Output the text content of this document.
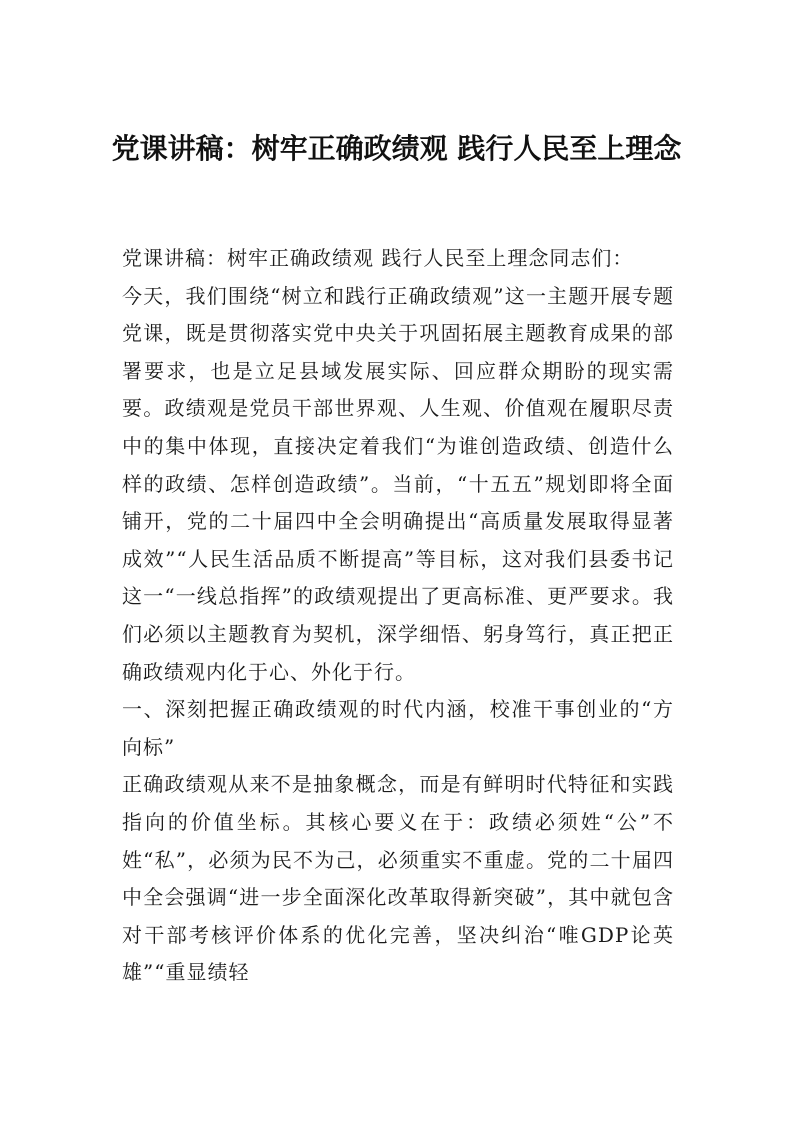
党课讲稿：树牢正确政绩观 践行人民至上理念

党课讲稿：树牢正确政绩观 践行人民至上理念同志们：

今天，我们围绕“树立和践行正确政绩观”这一主题开展专题党课，既是贯彻落实党中央关于巩固拓展主题教育成果的部署要求，也是立足县域发展实际、回应群众期盼的现实需要。政绩观是党员干部世界观、人生观、价值观在履职尽责中的集中体现，直接决定着我们“为谁创造政绩、创造什么样的政绩、怎样创造政绩”。当前，“十五五”规划即将全面铺开，党的二十届四中全会明确提出“高质量发展取得显著成效”“人民生活品质不断提高”等目标，这对我们县委书记这一“一线总指挥”的政绩观提出了更高标准、更严要求。我们必须以主题教育为契机，深学细悟、躬身笃行，真正把正确政绩观内化于心、外化于行。

一、深刻把握正确政绩观的时代内涵，校准干事创业的“方向标”

正确政绩观从来不是抽象概念，而是有鲜明时代特征和实践指向的价值坐标。其核心要义在于：政绩必须姓“公”不姓“私”，必须为民不为己，必须重实不重虚。党的二十届四中全会强调“进一步全面深化改革取得新突破”，其中就包含对干部考核评价体系的优化完善，坚决纠治“唯GDP论英雄”“重显绩轻
